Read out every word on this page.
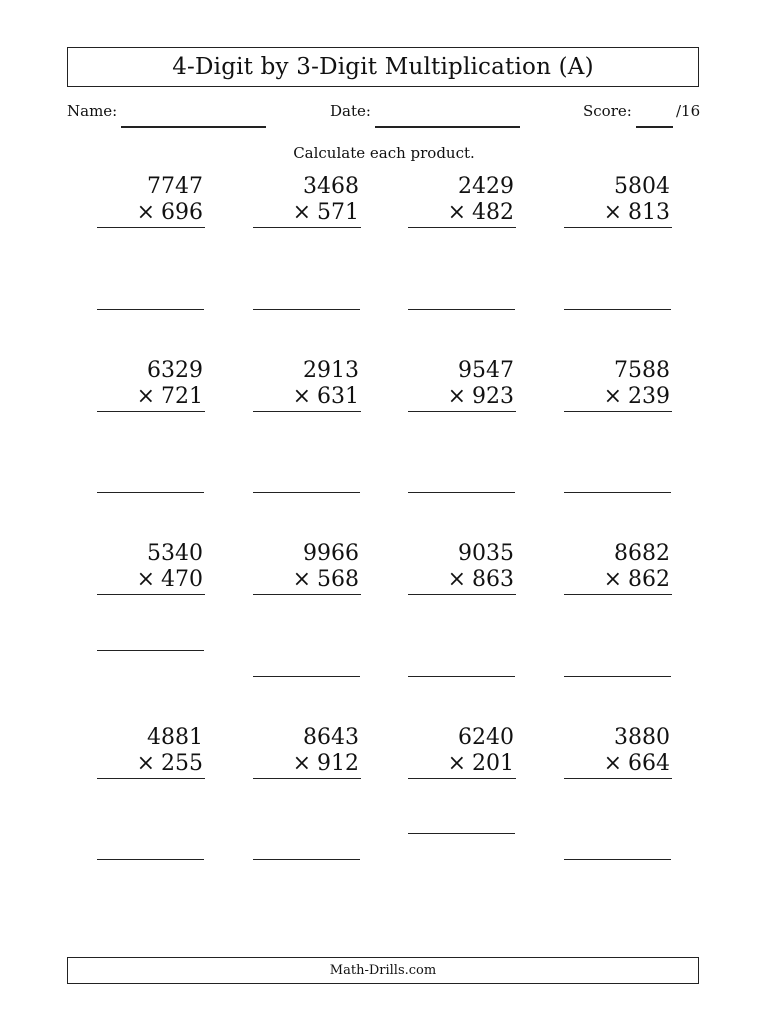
4-Digit by 3-Digit Multiplication (A)
Name:	Date:	Score:	/16
Calculate each product.
7747
× 696
3468
× 571
2429
× 482
5804
× 813
6329
× 721
2913
× 631
9547
× 923
7588
× 239
5340
× 470
9966
× 568
9035
× 863
8682
× 862
4881
× 255
8643
× 912
6240
× 201
3880
× 664
Math-Drills.com
